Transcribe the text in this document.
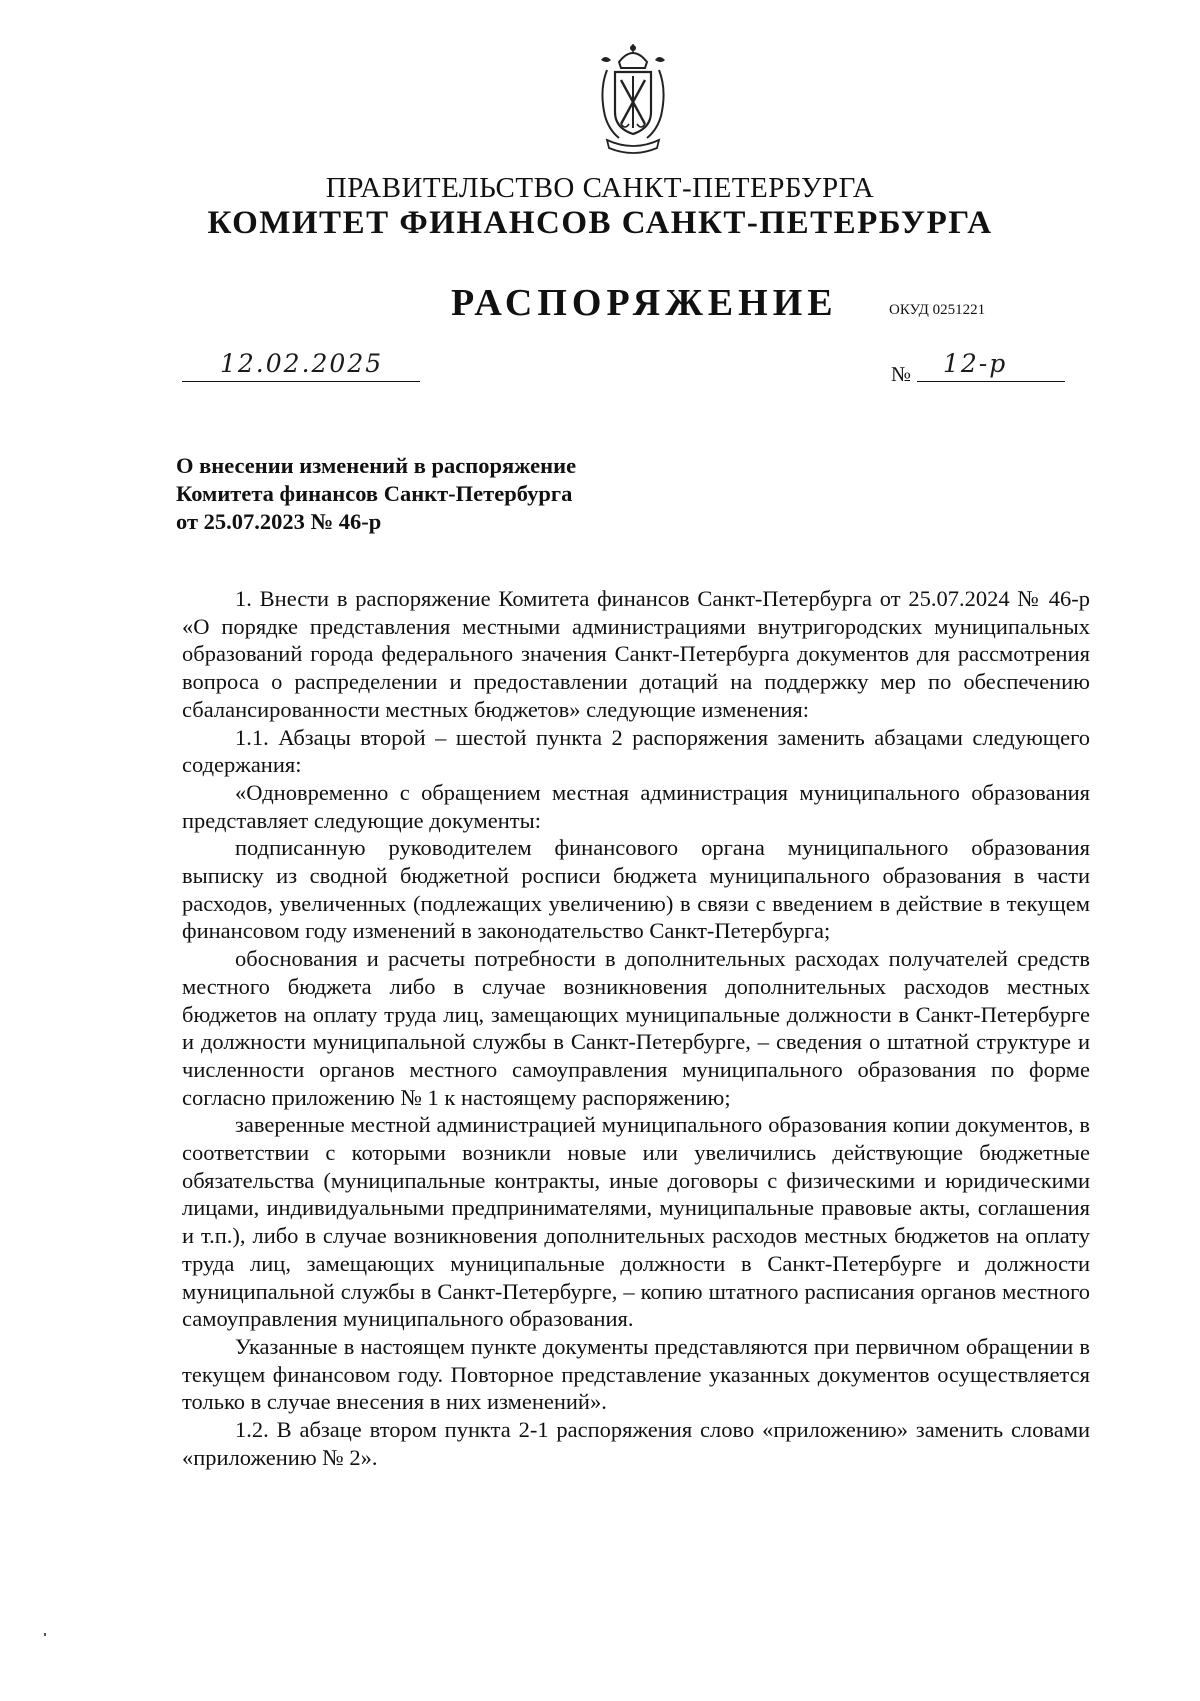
ПРАВИТЕЛЬСТВО САНКТ-ПЕТЕРБУРГА

КОМИТЕТ ФИНАНСОВ САНКТ-ПЕТЕРБУРГА

РАСПОРЯЖЕНИЕ	ОКУД 0251221
12.02.2025	№ 12-р
О внесении изменений в распоряжение
Комитета финансов Санкт-Петербурга
от 25.07.2023 № 46-р

1. Внести в распоряжение Комитета финансов Санкт-Петербурга от 25.07.2024 № 46-р «О порядке представления местными администрациями внутригородских муниципальных образований города федерального значения Санкт-Петербурга документов для рассмотрения вопроса о распределении и предоставлении дотаций на поддержку мер по обеспечению сбалансированности местных бюджетов» следующие изменения:

1.1. Абзацы второй – шестой пункта 2 распоряжения заменить абзацами следующего содержания:

«Одновременно с обращением местная администрация муниципального образования представляет следующие документы:

подписанную руководителем финансового органа муниципального образования выписку из сводной бюджетной росписи бюджета муниципального образования в части расходов, увеличенных (подлежащих увеличению) в связи с введением в действие в текущем финансовом году изменений в законодательство Санкт-Петербурга;

обоснования и расчеты потребности в дополнительных расходах получателей средств местного бюджета либо в случае возникновения дополнительных расходов местных бюджетов на оплату труда лиц, замещающих муниципальные должности в Санкт-Петербурге и должности муниципальной службы в Санкт-Петербурге, – сведения о штатной структуре и численности органов местного самоуправления муниципального образования по форме согласно приложению № 1 к настоящему распоряжению;

заверенные местной администрацией муниципального образования копии документов, в соответствии с которыми возникли новые или увеличились действующие бюджетные обязательства (муниципальные контракты, иные договоры с физическими и юридическими лицами, индивидуальными предпринимателями, муниципальные правовые акты, соглашения и т.п.), либо в случае возникновения дополнительных расходов местных бюджетов на оплату труда лиц, замещающих муниципальные должности в Санкт-Петербурге и должности муниципальной службы в Санкт-Петербурге, – копию штатного расписания органов местного самоуправления муниципального образования.

Указанные в настоящем пункте документы представляются при первичном обращении в текущем финансовом году. Повторное представление указанных документов осуществляется только в случае внесения в них изменений».

1.2. В абзаце втором пункта 2-1 распоряжения слово «приложению» заменить словами «приложению № 2».
